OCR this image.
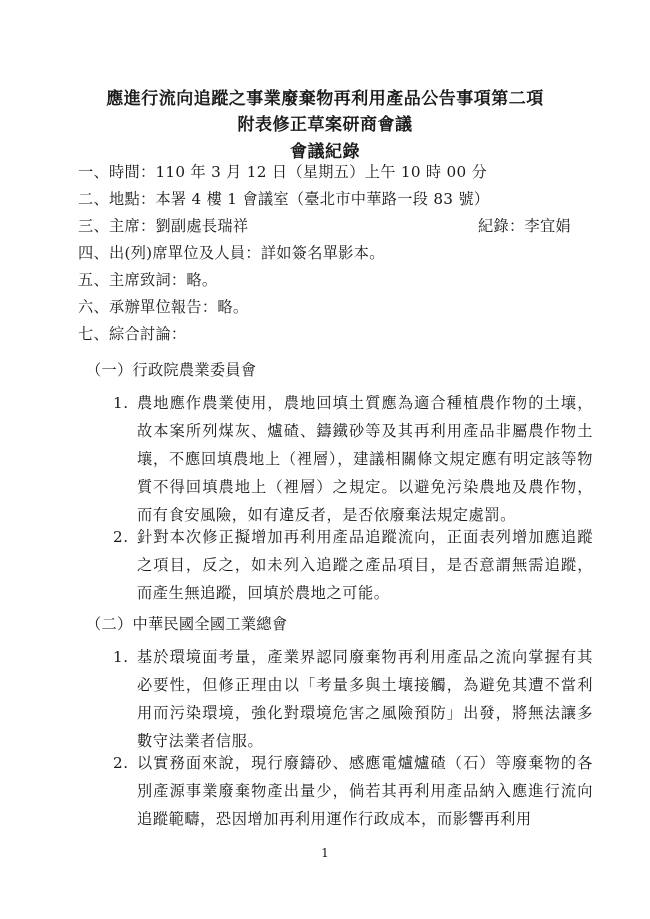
應進行流向追蹤之事業廢棄物再利用產品公告事項第二項
附表修正草案研商會議
會議紀錄
一、時間：110 年 3 月 12 日（星期五）上午 10 時 00 分
二、地點：本署 4 樓 1 會議室（臺北市中華路一段 83 號）
三、主席：劉副處長瑞祥	紀錄：李宜娟
四、出(列)席單位及人員：詳如簽名單影本。
五、主席致詞：略。
六、承辦單位報告：略。
七、綜合討論：
（一）行政院農業委員會
1. 農地應作農業使用，農地回填土質應為適合種植農作物的土壤，故本案所列煤灰、爐碴、鑄鐵砂等及其再利用產品非屬農作物土壤，不應回填農地上（裡層），建議相關條文規定應有明定該等物質不得回填農地上（裡層）之規定。以避免污染農地及農作物，而有食安風險，如有違反者，是否依廢棄法規定處罰。
2. 針對本次修正擬增加再利用產品追蹤流向，正面表列增加應追蹤之項目，反之，如未列入追蹤之產品項目，是否意謂無需追蹤，而產生無追蹤，回填於農地之可能。
（二）中華民國全國工業總會
1. 基於環境面考量，產業界認同廢棄物再利用產品之流向掌握有其必要性，但修正理由以「考量多與土壤接觸，為避免其遭不當利用而污染環境，強化對環境危害之風險預防」出發，將無法讓多數守法業者信服。
2. 以實務面來說，現行廢鑄砂、感應電爐爐碴（石）等廢棄物的各別產源事業廢棄物產出量少，倘若其再利用產品納入應進行流向追蹤範疇，恐因增加再利用運作行政成本，而影響再利用
1
